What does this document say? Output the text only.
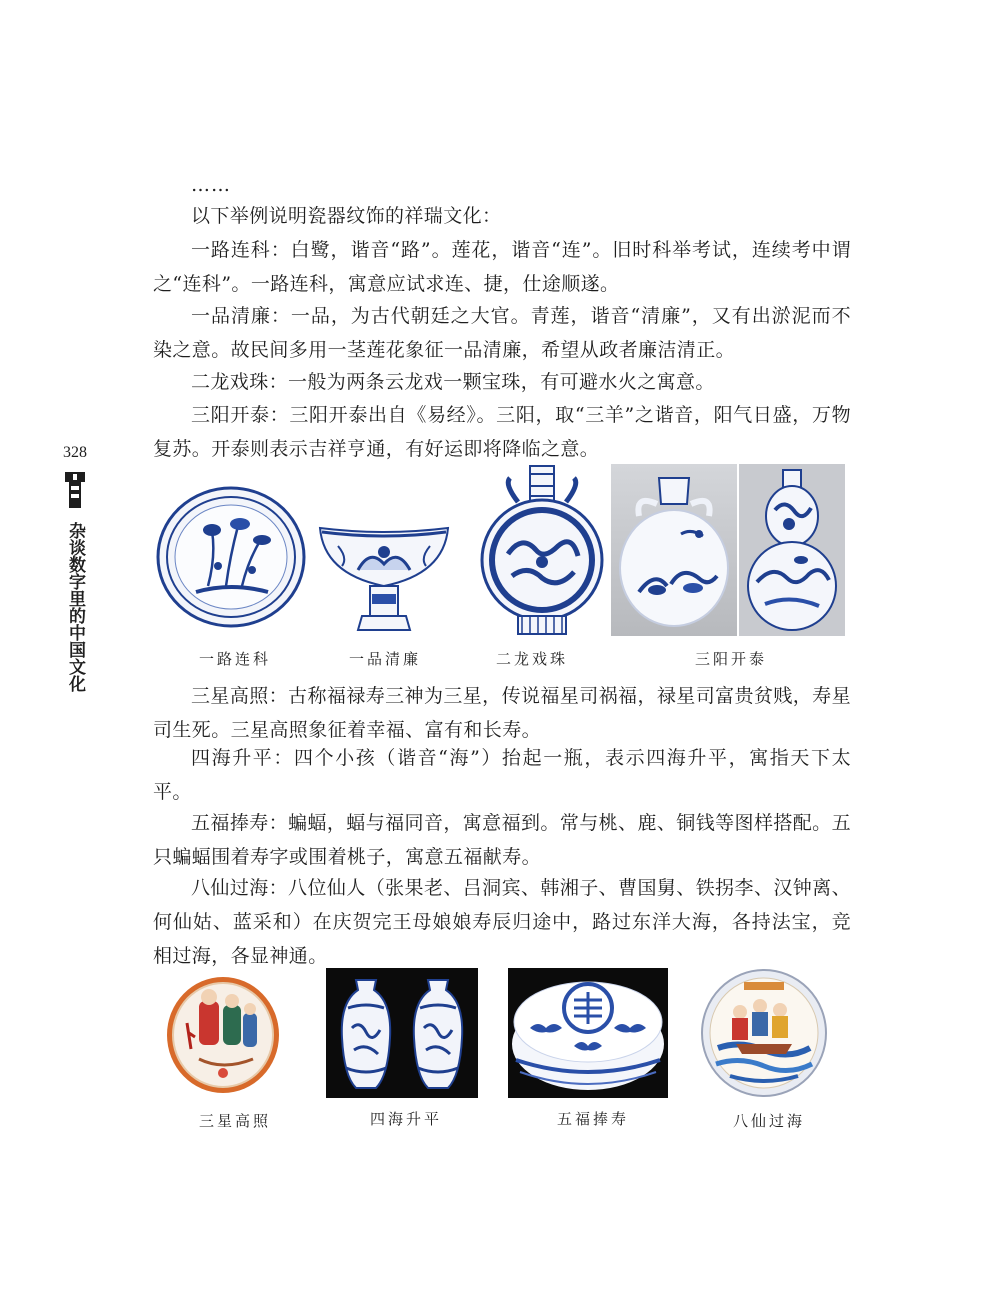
……

以下举例说明瓷器纹饰的祥瑞文化：

一路连科：白鹭，谐音“路”。莲花，谐音“连”。旧时科举考试，连续考中谓之“连科”。一路连科，寓意应试求连、捷，仕途顺遂。

一品清廉：一品，为古代朝廷之大官。青莲，谐音“清廉”，又有出淤泥而不染之意。故民间多用一茎莲花象征一品清廉，希望从政者廉洁清正。

二龙戏珠：一般为两条云龙戏一颗宝珠，有可避水火之寓意。

三阳开泰：三阳开泰出自《易经》。三阳，取“三羊”之谐音，阳气日盛，万物复苏。开泰则表示吉祥亨通，有好运即将降临之意。

三星高照：古称福禄寿三神为三星，传说福星司祸福，禄星司富贵贫贱，寿星司生死。三星高照象征着幸福、富有和长寿。

四海升平：四个小孩（谐音“海”）抬起一瓶，表示四海升平，寓指天下太平。

五福捧寿：蝙蝠，蝠与福同音，寓意福到。常与桃、鹿、铜钱等图样搭配。五只蝙蝠围着寿字或围着桃子，寓意五福献寿。

八仙过海：八位仙人（张果老、吕洞宾、韩湘子、曹国舅、铁拐李、汉钟离、何仙姑、蓝采和）在庆贺完王母娘娘寿辰归途中，路过东洋大海，各持法宝，竞相过海，各显神通。

328
杂谈数字里的中国文化	一路连科	一品清廉	二龙戏珠	三阳开泰
三星高照	四海升平	五福捧寿	八仙过海
